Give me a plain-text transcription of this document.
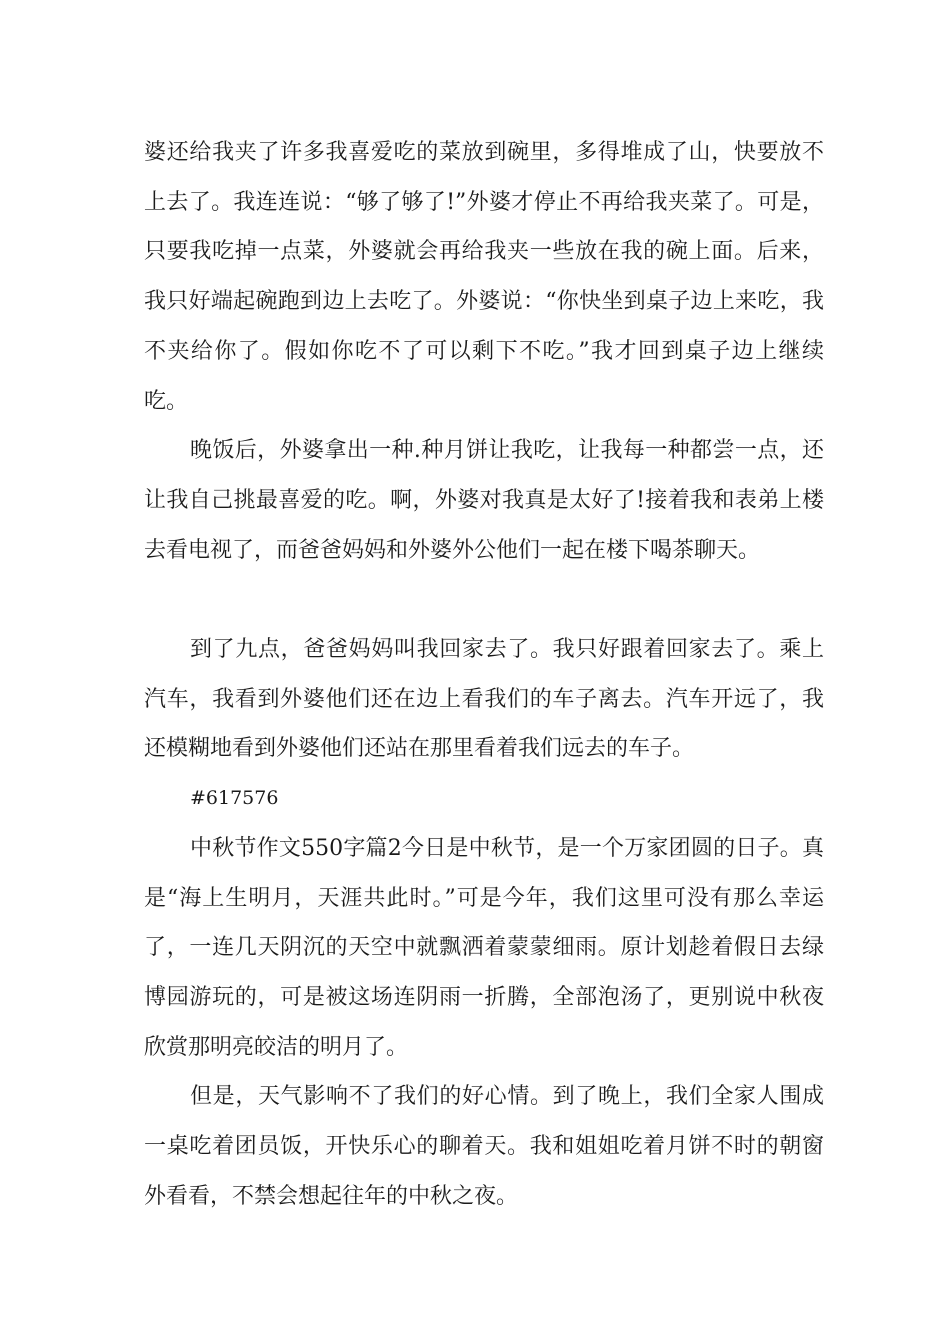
婆还给我夹了许多我喜爱吃的菜放到碗里，多得堆成了山，快要放不上去了。我连连说：“够了够了!”外婆才停止不再给我夹菜了。可是，只要我吃掉一点菜，外婆就会再给我夹一些放在我的碗上面。后来，我只好端起碗跑到边上去吃了。外婆说：“你快坐到桌子边上来吃，我不夹给你了。假如你吃不了可以剩下不吃。”我才回到桌子边上继续吃。

晚饭后，外婆拿出一种.种月饼让我吃，让我每一种都尝一点，还让我自己挑最喜爱的吃。啊，外婆对我真是太好了!接着我和表弟上楼去看电视了，而爸爸妈妈和外婆外公他们一起在楼下喝茶聊天。

到了九点，爸爸妈妈叫我回家去了。我只好跟着回家去了。乘上汽车，我看到外婆他们还在边上看我们的车子离去。汽车开远了，我还模糊地看到外婆他们还站在那里看着我们远去的车子。

#617576

中秋节作文550字篇2今日是中秋节，是一个万家团圆的日子。真是“海上生明月，天涯共此时。”可是今年，我们这里可没有那么幸运了，一连几天阴沉的天空中就飘洒着蒙蒙细雨。原计划趁着假日去绿博园游玩的，可是被这场连阴雨一折腾，全部泡汤了，更别说中秋夜欣赏那明亮皎洁的明月了。

但是，天气影响不了我们的好心情。到了晚上，我们全家人围成一桌吃着团员饭，开快乐心的聊着天。我和姐姐吃着月饼不时的朝窗外看看，不禁会想起往年的中秋之夜。
